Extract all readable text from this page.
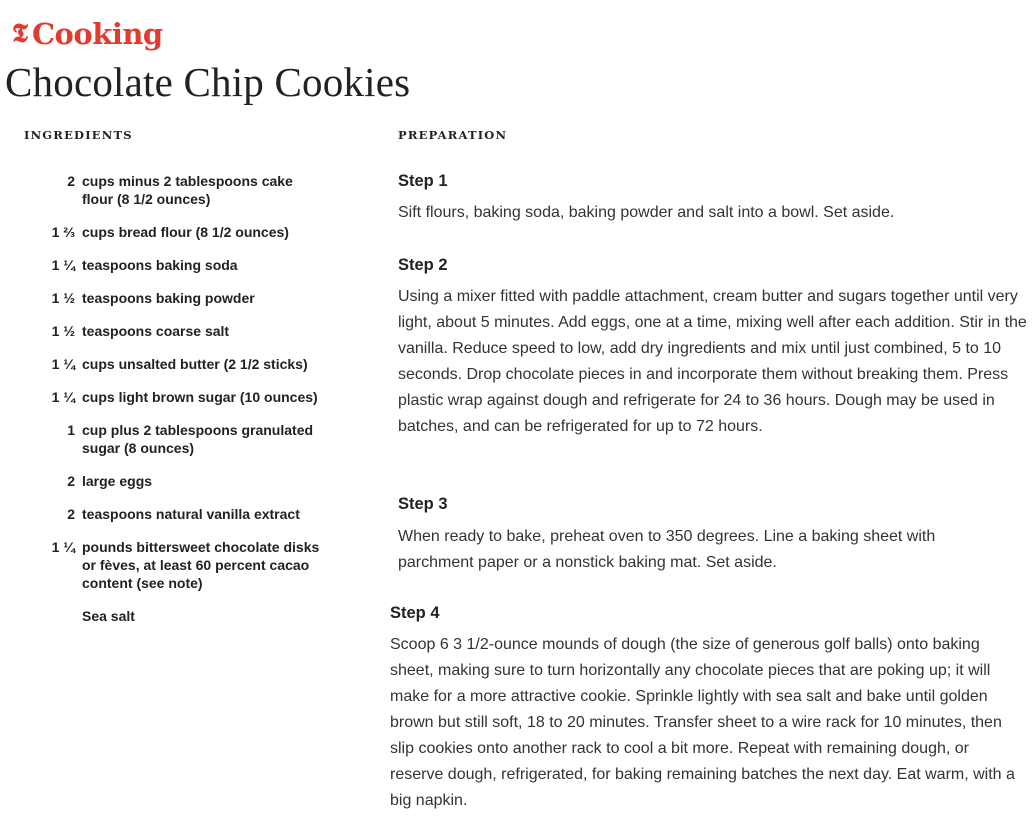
𝕿 Cooking
Chocolate Chip Cookies
INGREDIENTS	PREPARATION
2 cups minus 2 tablespoons cake flour (8 1/2 ounces)
1 ⅔ cups bread flour (8 1/2 ounces)
1 ¼ teaspoons baking soda
1 ½ teaspoons baking powder
1 ½ teaspoons coarse salt
1 ¼ cups unsalted butter (2 1/2 sticks)
1 ¼ cups light brown sugar (10 ounces)
1 cup plus 2 tablespoons granulated sugar (8 ounces)
2 large eggs
2 teaspoons natural vanilla extract
1 ¼ pounds bittersweet chocolate disks or fèves, at least 60 percent cacao content (see note)
Sea salt
Step 1

Sift flours, baking soda, baking powder and salt into a bowl. Set aside.

Step 2

Using a mixer fitted with paddle attachment, cream butter and sugars together until very light, about 5 minutes. Add eggs, one at a time, mixing well after each addition. Stir in the vanilla. Reduce speed to low, add dry ingredients and mix until just combined, 5 to 10 seconds. Drop chocolate pieces in and incorporate them without breaking them. Press plastic wrap against dough and refrigerate for 24 to 36 hours. Dough may be used in batches, and can be refrigerated for up to 72 hours.

Step 3

When ready to bake, preheat oven to 350 degrees. Line a baking sheet with parchment paper or a nonstick baking mat. Set aside.

Step 4

Scoop 6 3 1/2-ounce mounds of dough (the size of generous golf balls) onto baking sheet, making sure to turn horizontally any chocolate pieces that are poking up; it will make for a more attractive cookie. Sprinkle lightly with sea salt and bake until golden brown but still soft, 18 to 20 minutes. Transfer sheet to a wire rack for 10 minutes, then slip cookies onto another rack to cool a bit more. Repeat with remaining dough, or reserve dough, refrigerated, for baking remaining batches the next day. Eat warm, with a big napkin.
